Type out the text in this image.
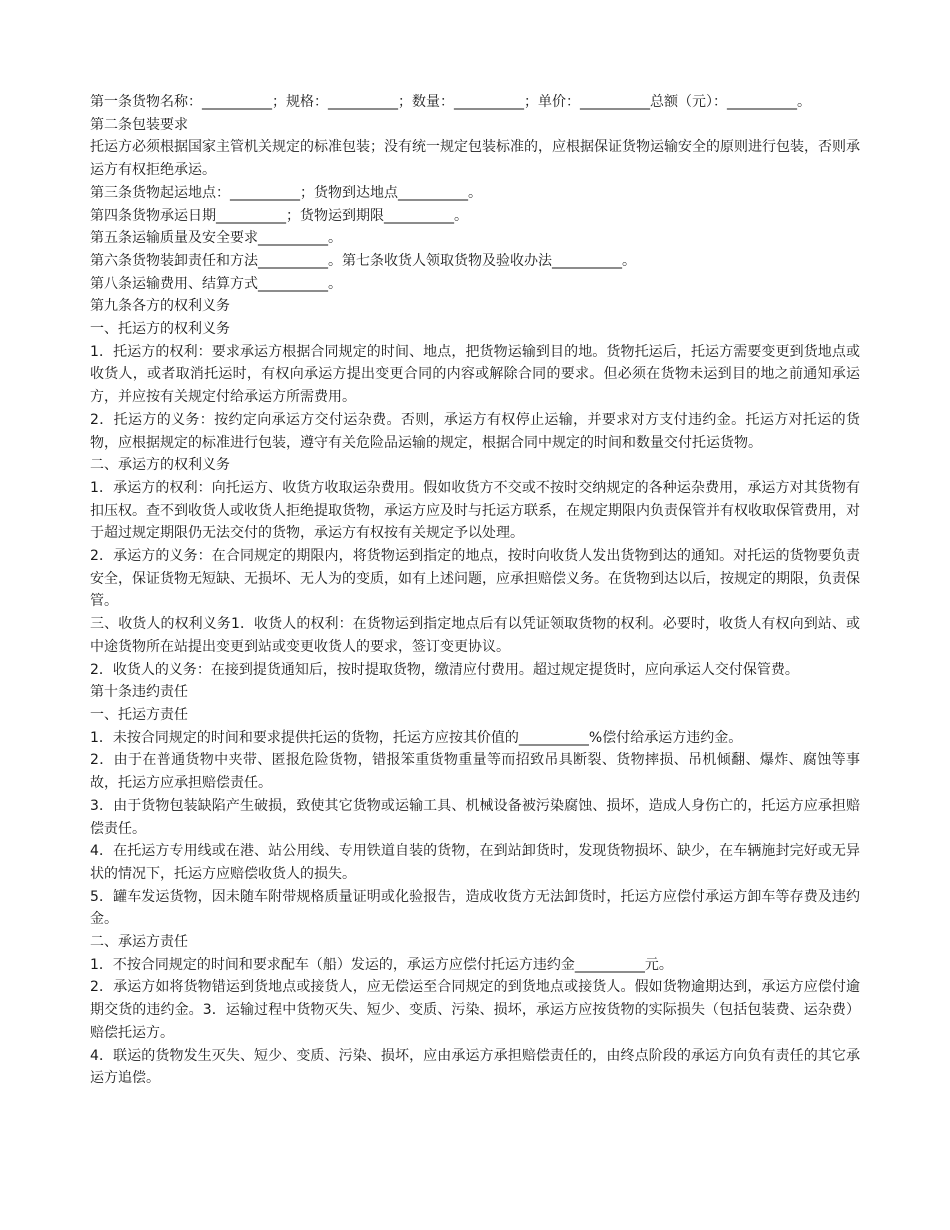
第一条货物名称：__________；规格：__________；数量：__________；单价：__________总额（元）：__________。

第二条包装要求

托运方必须根据国家主管机关规定的标准包装；没有统一规定包装标准的，应根据保证货物运输安全的原则进行包装，否则承运方有权拒绝承运。

第三条货物起运地点：__________；货物到达地点__________。

第四条货物承运日期__________；货物运到期限__________。

第五条运输质量及安全要求__________。

第六条货物装卸责任和方法__________。第七条收货人领取货物及验收办法__________。

第八条运输费用、结算方式__________。

第九条各方的权利义务

一、托运方的权利义务

1．托运方的权利：要求承运方根据合同规定的时间、地点，把货物运输到目的地。货物托运后，托运方需要变更到货地点或收货人，或者取消托运时，有权向承运方提出变更合同的内容或解除合同的要求。但必须在货物未运到目的地之前通知承运方，并应按有关规定付给承运方所需费用。

2．托运方的义务：按约定向承运方交付运杂费。否则，承运方有权停止运输，并要求对方支付违约金。托运方对托运的货物，应根据规定的标准进行包装，遵守有关危险品运输的规定，根据合同中规定的时间和数量交付托运货物。

二、承运方的权利义务

1．承运方的权利：向托运方、收货方收取运杂费用。假如收货方不交或不按时交纳规定的各种运杂费用，承运方对其货物有扣压权。查不到收货人或收货人拒绝提取货物，承运方应及时与托运方联系，在规定期限内负责保管并有权收取保管费用，对于超过规定期限仍无法交付的货物，承运方有权按有关规定予以处理。

2．承运方的义务：在合同规定的期限内，将货物运到指定的地点，按时向收货人发出货物到达的通知。对托运的货物要负责安全，保证货物无短缺、无损坏、无人为的变质，如有上述问题，应承担赔偿义务。在货物到达以后，按规定的期限，负责保管。

三、收货人的权利义务1．收货人的权利：在货物运到指定地点后有以凭证领取货物的权利。必要时，收货人有权向到站、或中途货物所在站提出变更到站或变更收货人的要求，签订变更协议。

2．收货人的义务：在接到提货通知后，按时提取货物，缴清应付费用。超过规定提货时，应向承运人交付保管费。

第十条违约责任

一、托运方责任

1．未按合同规定的时间和要求提供托运的货物，托运方应按其价值的__________%偿付给承运方违约金。

2．由于在普通货物中夹带、匿报危险货物，错报笨重货物重量等而招致吊具断裂、货物摔损、吊机倾翻、爆炸、腐蚀等事故，托运方应承担赔偿责任。

3．由于货物包装缺陷产生破损，致使其它货物或运输工具、机械设备被污染腐蚀、损坏，造成人身伤亡的，托运方应承担赔偿责任。

4．在托运方专用线或在港、站公用线、专用铁道自装的货物，在到站卸货时，发现货物损坏、缺少，在车辆施封完好或无异状的情况下，托运方应赔偿收货人的损失。

5．罐车发运货物，因未随车附带规格质量证明或化验报告，造成收货方无法卸货时，托运方应偿付承运方卸车等存费及违约金。

二、承运方责任

1．不按合同规定的时间和要求配车（船）发运的，承运方应偿付托运方违约金__________元。

2．承运方如将货物错运到货地点或接货人，应无偿运至合同规定的到货地点或接货人。假如货物逾期达到，承运方应偿付逾期交货的违约金。3．运输过程中货物灭失、短少、变质、污染、损坏，承运方应按货物的实际损失（包括包装费、运杂费）赔偿托运方。

4．联运的货物发生灭失、短少、变质、污染、损坏，应由承运方承担赔偿责任的，由终点阶段的承运方向负有责任的其它承运方追偿。
